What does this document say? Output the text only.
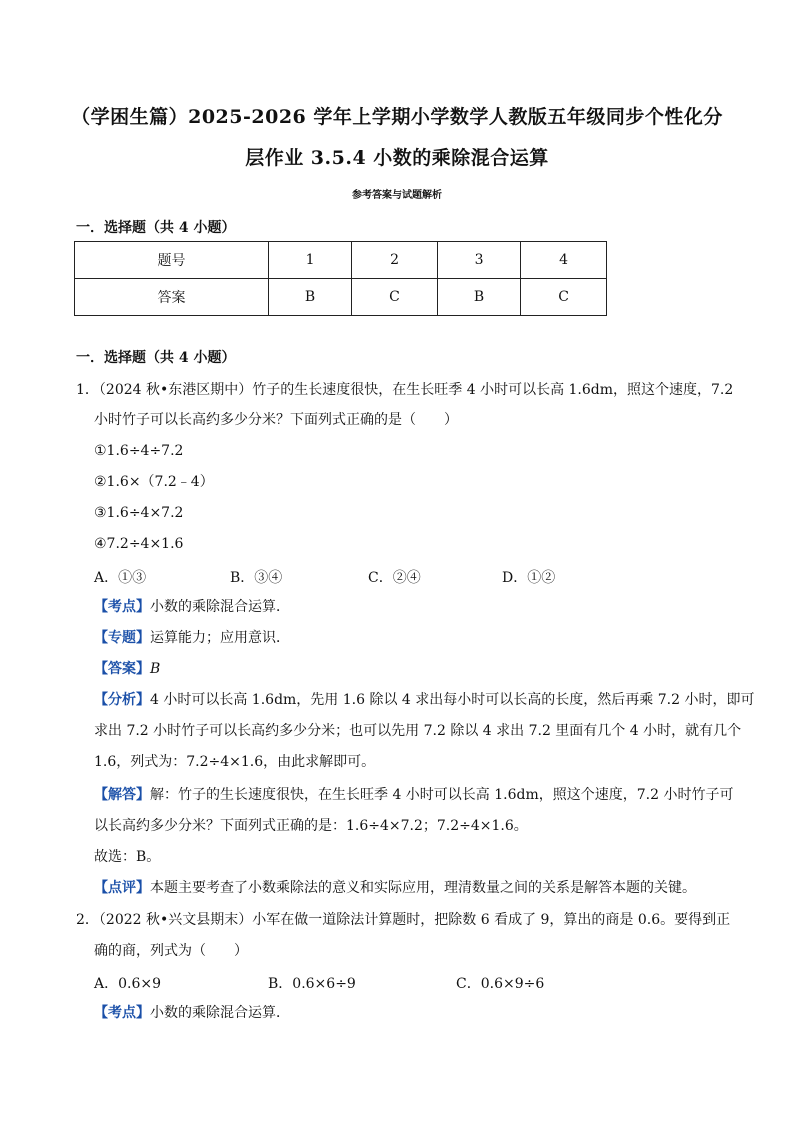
（学困生篇）2025-2026 学年上学期小学数学人教版五年级同步个性化分
层作业 3.5.4 小数的乘除混合运算
参考答案与试题解析
一．选择题（共 4 小题）
题号	1	2	3	4
答案	B	C	B	C
一．选择题（共 4 小题）
1．（2024 秋•东港区期中）竹子的生长速度很快，在生长旺季 4 小时可以长高 1.6dm，照这个速度，7.2
小时竹子可以长高约多少分米？下面列式正确的是（　　）
①1.6÷4÷7.2
②1.6×（7.2﹣4）
③1.6÷4×7.2
④7.2÷4×1.6
A．①③	B．③④	C．②④	D．①②
【考点】小数的乘除混合运算．
【专题】运算能力；应用意识．
【答案】B
【分析】4 小时可以长高 1.6dm，先用 1.6 除以 4 求出每小时可以长高的长度，然后再乘 7.2 小时，即可
求出 7.2 小时竹子可以长高约多少分米；也可以先用 7.2 除以 4 求出 7.2 里面有几个 4 小时，就有几个
1.6，列式为：7.2÷4×1.6，由此求解即可。
【解答】解：竹子的生长速度很快，在生长旺季 4 小时可以长高 1.6dm，照这个速度，7.2 小时竹子可
以长高约多少分米？下面列式正确的是：1.6÷4×7.2；7.2÷4×1.6。
故选：B。
【点评】本题主要考查了小数乘除法的意义和实际应用，理清数量之间的关系是解答本题的关键。
2．（2022 秋•兴文县期末）小军在做一道除法计算题时，把除数 6 看成了 9，算出的商是 0.6。要得到正
确的商，列式为（　　）
A．0.6×9	B．0.6×6÷9	C．0.6×9÷6
【考点】小数的乘除混合运算．
